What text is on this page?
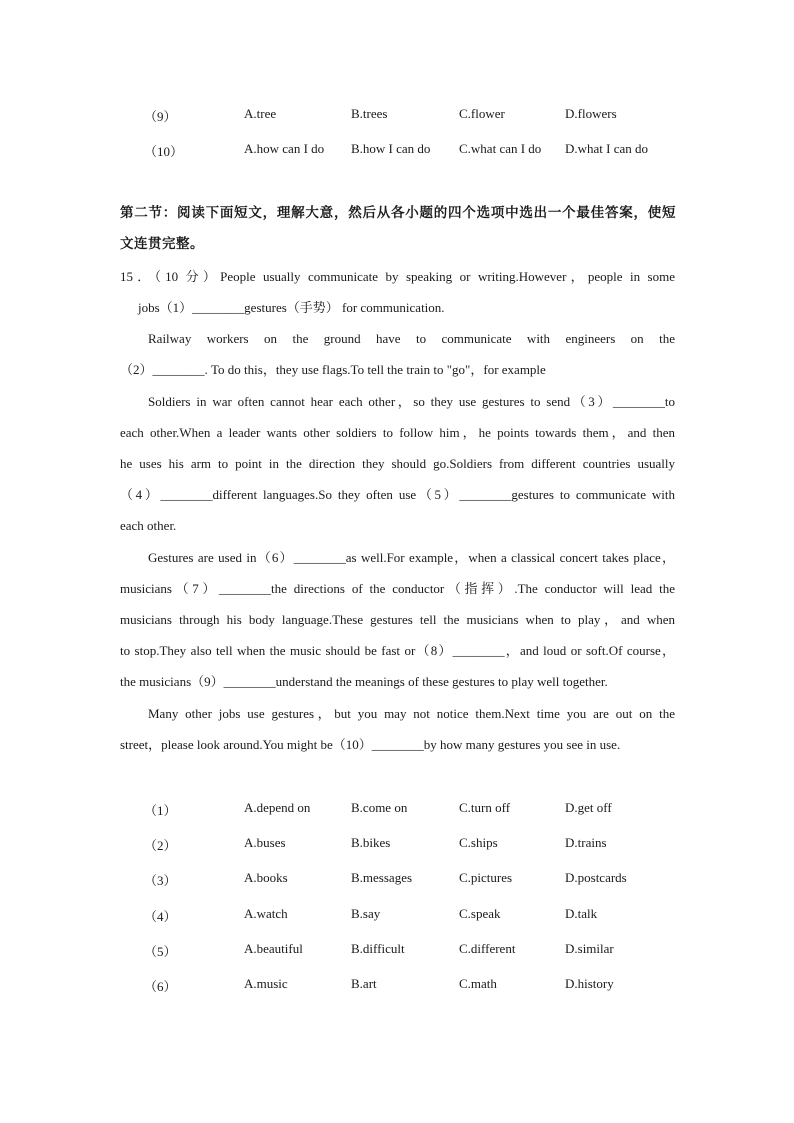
（9）	A.tree	B.trees	C.flower	D.flowers
（10）	A.how can I do B.how I can do C.what can I do D.what I can do
第二节：阅读下面短文，理解大意，然后从各小题的四个选项中选出一个最佳答案，使短
文连贯完整。
15．（10 分）People usually communicate by speaking or writing.However，people in some
jobs（1）________gestures（手势） for communication.
Railway workers on the ground have to communicate with engineers on the
（2）________. To do this，they use flags.To tell the train to "go"，for example
Soldiers in war often cannot hear each other，so they use gestures to send（3）________to
each other.When a leader wants other soldiers to follow him，he points towards them，and then
he uses his arm to point in the direction they should go.Soldiers from different countries usually
（4）________different languages.So they often use（5）________gestures to communicate with
each other.
Gestures are used in（6）________as well.For example，when a classical concert takes place，
musicians（7）________the directions of the conductor（指挥）.The conductor will lead the
musicians through his body language.These gestures tell the musicians when to play，and when
to stop.They also tell when the music should be fast or（8）________，and loud or soft.Of course，
the musicians（9）________understand the meanings of these gestures to play well together.
Many other jobs use gestures，but you may not notice them.Next time you are out on the
street，please look around.You might be（10）________by how many gestures you see in use.
（1）	A.depend on	B.come on	C.turn off	D.get off
（2）	A.buses	B.bikes	C.ships	D.trains
（3）	A.books	B.messages	C.pictures	D.postcards
（4）	A.watch	B.say	C.speak	D.talk
（5）	A.beautiful	B.difficult	C.different	D.similar
（6）	A.music	B.art	C.math	D.history
